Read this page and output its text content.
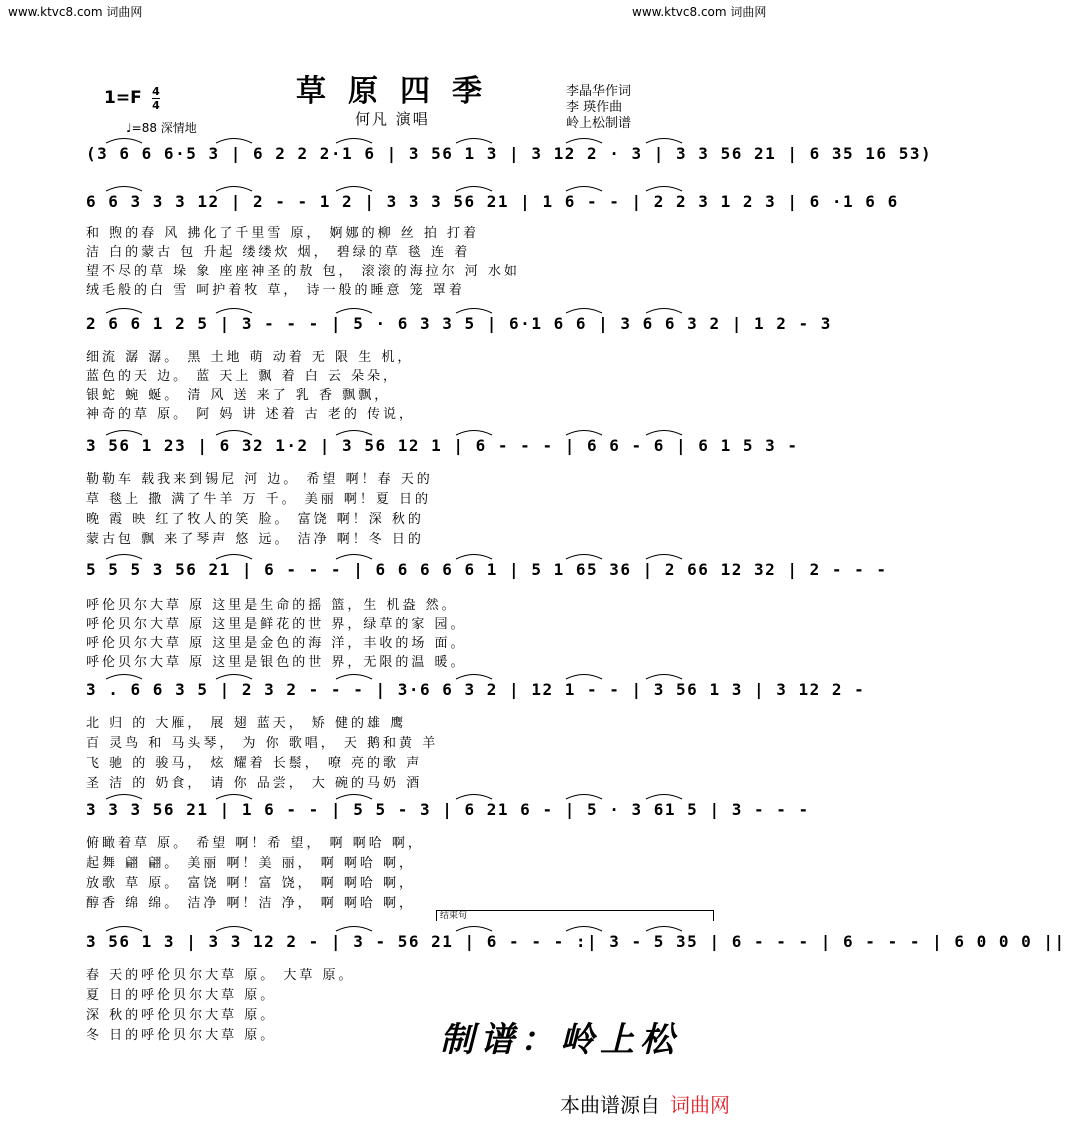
www.ktvc8.com 词曲网	www.ktvc8.com 词曲网
草原四季
1=F 4
4
♩=88 深情地	何凡 演唱
李晶华作词
李 瑛作曲
岭上松制谱
(3 6 6 6·5 3 | 6 2 2 2·1 6 | 3 56 1 3 | 3 12 2 · 3 | 3 3 56 21 | 6 35 16 53)
6 6 3 3 3 12 | 2 - - 1 2 | 3 3 3 56 21 | 1 6 - - | 2 2 3 1 2 3 | 6 ·1 6 6
2 6 6 1 2 5 | 3 - - - | 5 · 6 3 3 5 | 6·1 6 6 | 3 6 6 3 2 | 1 2 - 3
3 56 1 23 | 6 32 1·2 | 3 56 12 1 | 6 - - - | 6 6 - 6 | 6 1 5 3 -
5 5 5 3 56 21 | 6 - - - | 6 6 6 6 6 1 | 5 1 65 36 | 2 66 12 32 | 2 - - -
3 . 6 6 3 5 | 2 3 2 - - - | 3·6 6 3 2 | 12 1 - - | 3 56 1 3 | 3 12 2 -
3 3 3 56 21 | 1 6 - - | 5 5 - 3 | 6 21 6 - | 5 · 3 61 5 | 3 - - -
3 56 1 3 | 3 3 12 2 - | 3 - 56 21 | 6 - - - :| 3 - 5 35 | 6 - - - | 6 - - - | 6 0 0 0 ||
和 煦的春 风 拂化了千里雪 原， 婀娜的柳 丝 拍 打着
洁 白的蒙古 包 升起 缕缕炊 烟， 碧绿的草 毯 连 着
望不尽的草 垛 象 座座神圣的敖 包， 滚滚的海拉尔 河 水如
绒毛般的白 雪 呵护着牧 草， 诗一般的睡意 笼 罩着
细流 潺 潺。 黑 土地 萌 动着 无 限 生 机，
蓝色的天 边。 蓝 天上 飘 着 白 云 朵朵，
银蛇 蜿 蜒。 清 风 送 来了 乳 香 飘飘，
神奇的草 原。 阿 妈 讲 述着 古 老的 传说，
勒勒车 载我来到锡尼 河 边。 希望 啊！春 天的
草 毯上 撒 满了牛羊 万 千。 美丽 啊！夏 日的
晚 霞 映 红了牧人的笑 脸。 富饶 啊！深 秋的
蒙古包 飘 来了琴声 悠 远。 洁净 啊！冬 日的
呼伦贝尔大草 原 这里是生命的摇 篮，生 机盎 然。
呼伦贝尔大草 原 这里是鲜花的世 界，绿草的家 园。
呼伦贝尔大草 原 这里是金色的海 洋，丰收的场 面。
呼伦贝尔大草 原 这里是银色的世 界，无限的温 暖。
北 归 的 大雁， 展 翅 蓝天， 矫 健的雄 鹰
百 灵鸟 和 马头琴， 为 你 歌唱， 天 鹅和黄 羊
飞 驰 的 骏马， 炫 耀着 长鬃， 嘹 亮的歌 声
圣 洁 的 奶食， 请 你 品尝， 大 碗的马奶 酒
俯瞰着草 原。 希望 啊！希 望， 啊 啊哈 啊，
起舞 翩 翩。 美丽 啊！美 丽， 啊 啊哈 啊，
放歌 草 原。 富饶 啊！富 饶， 啊 啊哈 啊，
醇香 绵 绵。 洁净 啊！洁 净， 啊 啊哈 啊，
春 天的呼伦贝尔大草 原。 大草 原。
夏 日的呼伦贝尔大草 原。
深 秋的呼伦贝尔大草 原。
冬 日的呼伦贝尔大草 原。
结束句
制谱：岭上松
本曲谱源自 词曲网
